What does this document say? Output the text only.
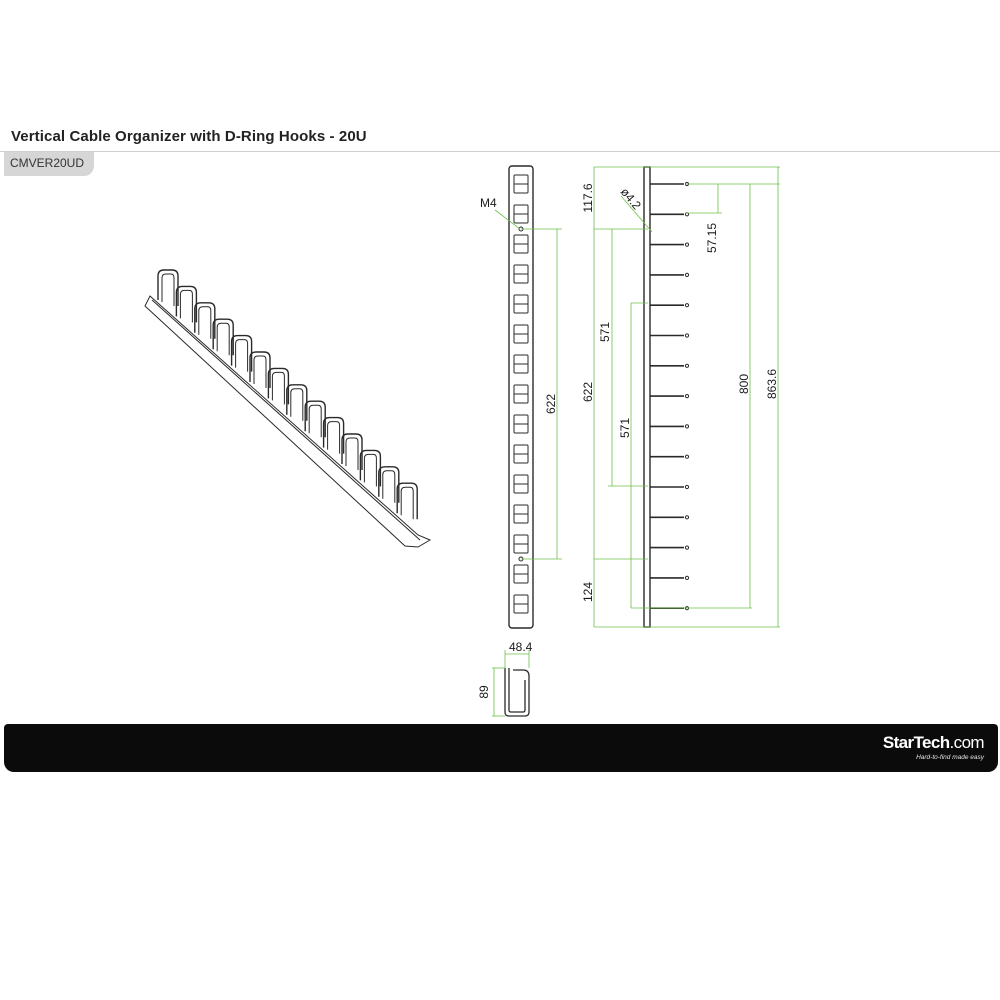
Vertical Cable Organizer with D-Ring Hooks - 20U
CMVER20UD
M4
622
117.6 ø4.2
57.15
571
622
571
800 863.6
124
48.4
89
StarTech.com
Hard-to-find made easy
